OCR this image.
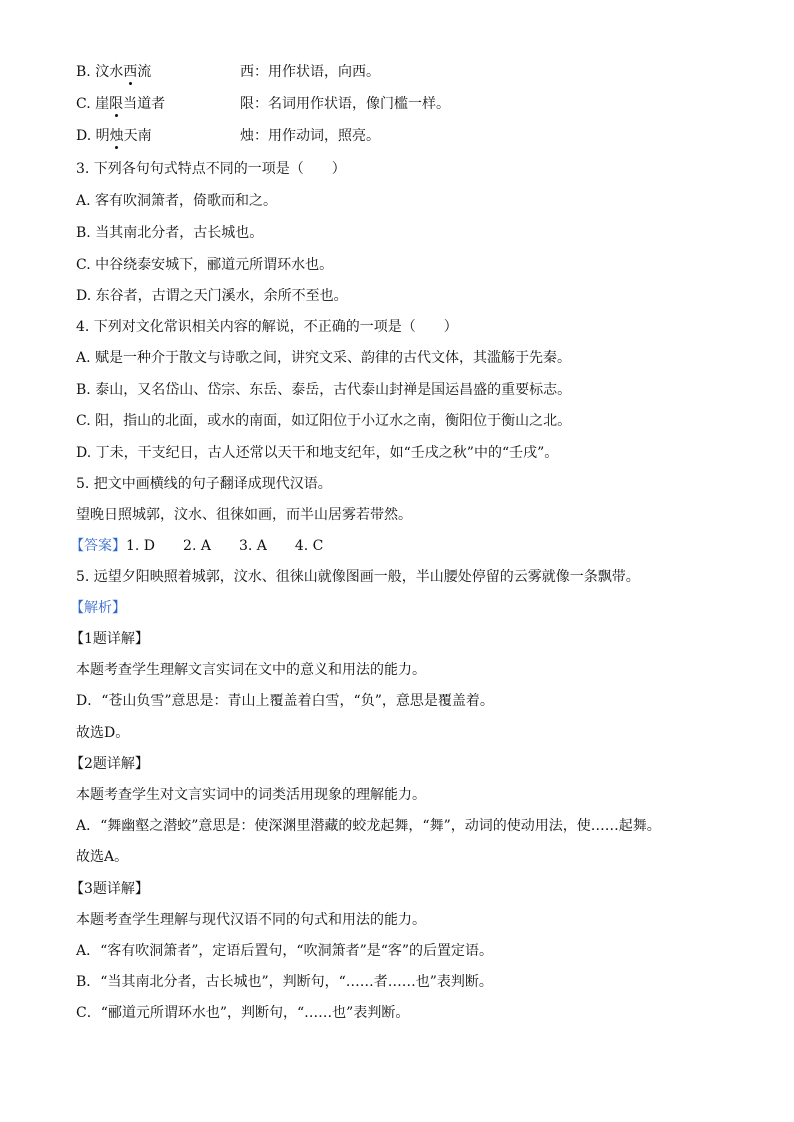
B. 汶水西流	西：用作状语，向西。
C. 崖限当道者	限：名词用作状语，像门槛一样。
D. 明烛天南	烛：用作动词，照亮。
3. 下列各句句式特点不同的一项是（　　）
A. 客有吹洞箫者，倚歌而和之。
B. 当其南北分者，古长城也。
C. 中谷绕泰安城下，郦道元所谓环水也。
D. 东谷者，古谓之天门溪水，余所不至也。
4. 下列对文化常识相关内容的解说，不正确的一项是（　　）
A. 赋是一种介于散文与诗歌之间，讲究文采、韵律的古代文体，其滥觞于先秦。
B. 泰山，又名岱山、岱宗、东岳、泰岳，古代泰山封禅是国运昌盛的重要标志。
C. 阳，指山的北面，或水的南面，如辽阳位于小辽水之南，衡阳位于衡山之北。
D. 丁未，干支纪日，古人还常以天干和地支纪年，如“壬戌之秋”中的“壬戌”。
5. 把文中画横线的句子翻译成现代汉语。
望晚日照城郭，汶水、徂徕如画，而半山居雾若带然。
【答案】1. D　　2. A　　3. A　　4. C
5. 远望夕阳映照着城郭，汶水、徂徕山就像图画一般，半山腰处停留的云雾就像一条飘带。
【解析】
【1题详解】
本题考查学生理解文言实词在文中的意义和用法的能力。
D．“苍山负雪”意思是：青山上覆盖着白雪，“负”，意思是覆盖着。
故选D。
【2题详解】
本题考查学生对文言实词中的词类活用现象的理解能力。
A．“舞幽壑之潜蛟”意思是：使深渊里潜藏的蛟龙起舞，“舞”，动词的使动用法，使……起舞。
故选A。
【3题详解】
本题考查学生理解与现代汉语不同的句式和用法的能力。
A．“客有吹洞箫者”，定语后置句，“吹洞箫者”是“客”的后置定语。
B．“当其南北分者，古长城也”，判断句，“……者……也”表判断。
C．“郦道元所谓环水也”，判断句，“……也”表判断。
